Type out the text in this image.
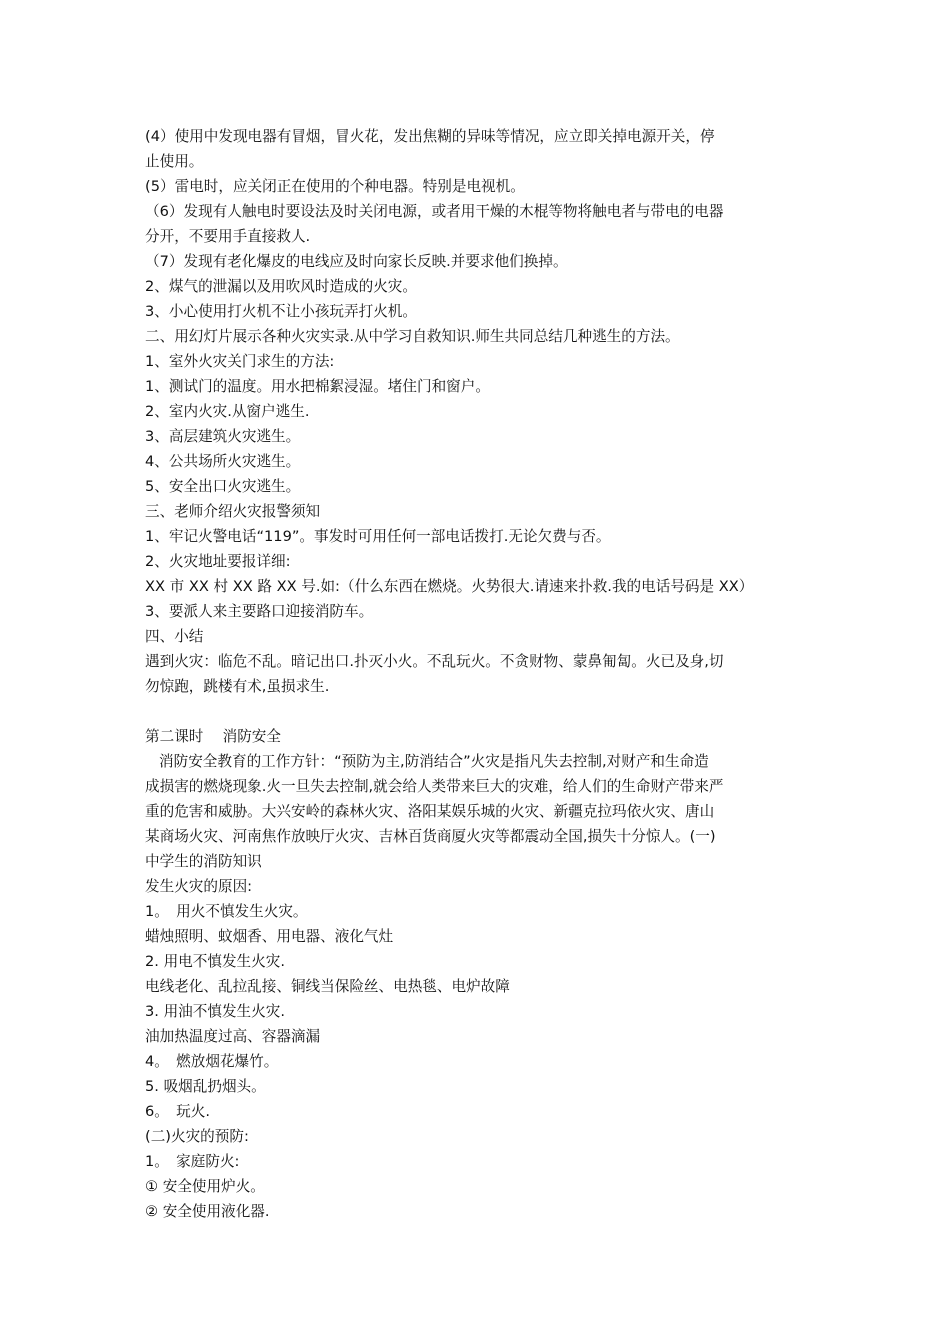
(4）使用中发现电器有冒烟，冒火花，发出焦糊的异味等情况，应立即关掉电源开关，停
止使用。
(5）雷电时，应关闭正在使用的个种电器。特别是电视机。
（6）发现有人触电时要设法及时关闭电源，或者用干燥的木棍等物将触电者与带电的电器
分开，不要用手直接救人.
（7）发现有老化爆皮的电线应及时向家长反映.并要求他们换掉。
2、煤气的泄漏以及用吹风时造成的火灾。
3、小心使用打火机不让小孩玩弄打火机。
二、用幻灯片展示各种火灾实录.从中学习自救知识.师生共同总结几种逃生的方法。
1、室外火灾关门求生的方法:
1、测试门的温度。用水把棉絮浸湿。堵住门和窗户。
2、室内火灾.从窗户逃生.
3、高层建筑火灾逃生。
4、公共场所火灾逃生。
5、安全出口火灾逃生。
三、老师介绍火灾报警须知
1、牢记火警电话“119”。事发时可用任何一部电话拨打.无论欠费与否。
2、火灾地址要报详细:
XX 市 XX 村 XX 路 XX 号.如:（什么东西在燃烧。火势很大.请速来扑救.我的电话号码是 XX）
3、要派人来主要路口迎接消防车。
四、小结
遇到火灾：临危不乱。暗记出口.扑灭小火。不乱玩火。不贪财物、蒙鼻匍匐。火已及身,切
勿惊跑，跳楼有术,虽损求生.
第二课时　 消防安全
消防安全教育的工作方针：“预防为主,防消结合”火灾是指凡失去控制,对财产和生命造
成损害的燃烧现象.火一旦失去控制,就会给人类带来巨大的灾难，给人们的生命财产带来严
重的危害和威胁。大兴安岭的森林火灾、洛阳某娱乐城的火灾、新疆克拉玛依火灾、唐山
某商场火灾、河南焦作放映厅火灾、吉林百货商厦火灾等都震动全国,损失十分惊人。(一)
中学生的消防知识
发生火灾的原因:
1。　用火不慎发生火灾。
蜡烛照明、蚊烟香、用电器、液化气灶
2. 用电不慎发生火灾.
电线老化、乱拉乱接、铜线当保险丝、电热毯、电炉故障
3. 用油不慎发生火灾.
油加热温度过高、容器滴漏
4。　燃放烟花爆竹。
5. 吸烟乱扔烟头。
6。　玩火.
(二)火灾的预防:
1。　家庭防火:
① 安全使用炉火。
② 安全使用液化器.
